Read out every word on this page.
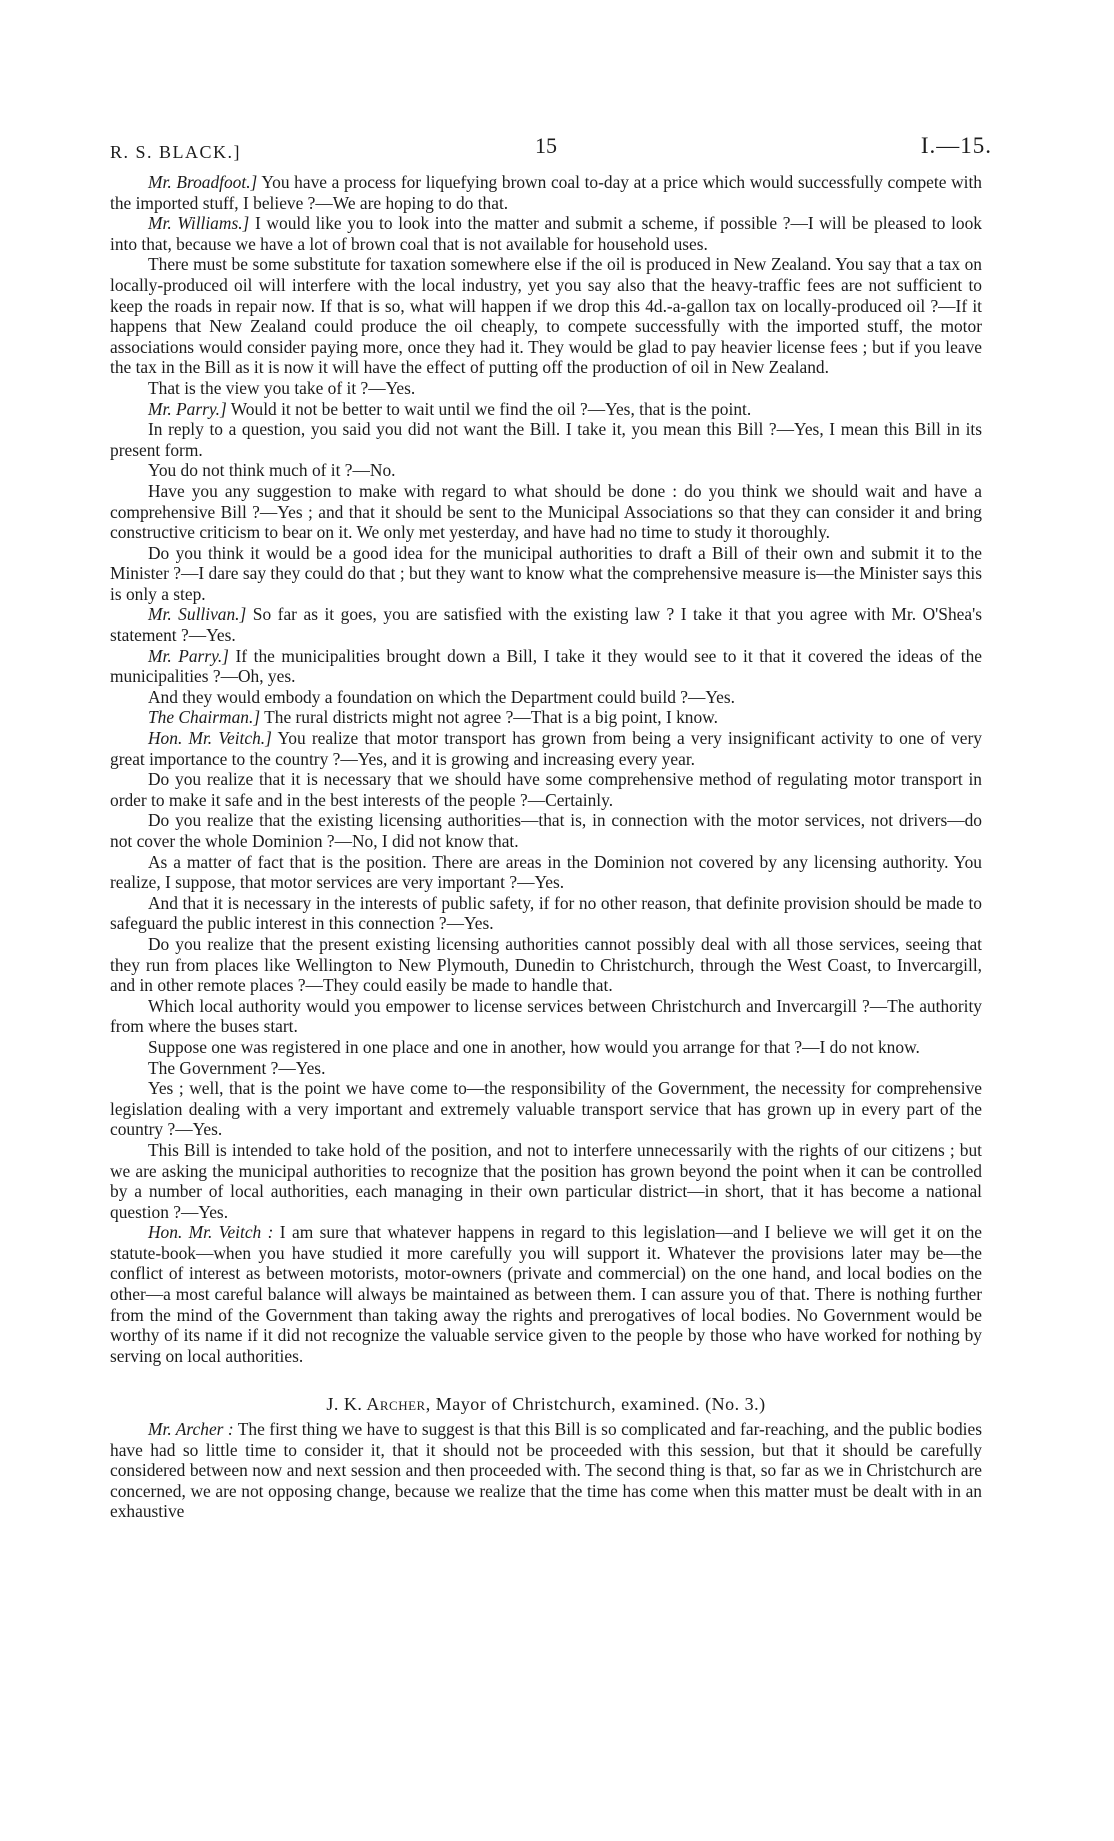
R. S. BLACK.]	15	I.—15.

Mr. Broadfoot.] You have a process for liquefying brown coal to-day at a price which would successfully compete with the imported stuff, I believe ?—We are hoping to do that.

Mr. Williams.] I would like you to look into the matter and submit a scheme, if possible ?—I will be pleased to look into that, because we have a lot of brown coal that is not available for household uses.

There must be some substitute for taxation somewhere else if the oil is produced in New Zealand. You say that a tax on locally-produced oil will interfere with the local industry, yet you say also that the heavy-traffic fees are not sufficient to keep the roads in repair now. If that is so, what will happen if we drop this 4d.-a-gallon tax on locally-produced oil ?—If it happens that New Zealand could produce the oil cheaply, to compete successfully with the imported stuff, the motor associations would consider paying more, once they had it. They would be glad to pay heavier license fees ; but if you leave the tax in the Bill as it is now it will have the effect of putting off the production of oil in New Zealand.

That is the view you take of it ?—Yes.

Mr. Parry.] Would it not be better to wait until we find the oil ?—Yes, that is the point.

In reply to a question, you said you did not want the Bill. I take it, you mean this Bill ?—Yes, I mean this Bill in its present form.

You do not think much of it ?—No.

Have you any suggestion to make with regard to what should be done : do you think we should wait and have a comprehensive Bill ?—Yes ; and that it should be sent to the Municipal Associations so that they can consider it and bring constructive criticism to bear on it. We only met yesterday, and have had no time to study it thoroughly.

Do you think it would be a good idea for the municipal authorities to draft a Bill of their own and submit it to the Minister ?—I dare say they could do that ; but they want to know what the comprehensive measure is—the Minister says this is only a step.

Mr. Sullivan.] So far as it goes, you are satisfied with the existing law ? I take it that you agree with Mr. O'Shea's statement ?—Yes.

Mr. Parry.] If the municipalities brought down a Bill, I take it they would see to it that it covered the ideas of the municipalities ?—Oh, yes.

And they would embody a foundation on which the Department could build ?—Yes.

The Chairman.] The rural districts might not agree ?—That is a big point, I know.

Hon. Mr. Veitch.] You realize that motor transport has grown from being a very insignificant activity to one of very great importance to the country ?—Yes, and it is growing and increasing every year.

Do you realize that it is necessary that we should have some comprehensive method of regulating motor transport in order to make it safe and in the best interests of the people ?—Certainly.

Do you realize that the existing licensing authorities—that is, in connection with the motor services, not drivers—do not cover the whole Dominion ?—No, I did not know that.

As a matter of fact that is the position. There are areas in the Dominion not covered by any licensing authority. You realize, I suppose, that motor services are very important ?—Yes.

And that it is necessary in the interests of public safety, if for no other reason, that definite provision should be made to safeguard the public interest in this connection ?—Yes.

Do you realize that the present existing licensing authorities cannot possibly deal with all those services, seeing that they run from places like Wellington to New Plymouth, Dunedin to Christchurch, through the West Coast, to Invercargill, and in other remote places ?—They could easily be made to handle that.

Which local authority would you empower to license services between Christchurch and Invercargill ?—The authority from where the buses start.

Suppose one was registered in one place and one in another, how would you arrange for that ?—I do not know.

The Government ?—Yes.

Yes ; well, that is the point we have come to—the responsibility of the Government, the necessity for comprehensive legislation dealing with a very important and extremely valuable transport service that has grown up in every part of the country ?—Yes.

This Bill is intended to take hold of the position, and not to interfere unnecessarily with the rights of our citizens ; but we are asking the municipal authorities to recognize that the position has grown beyond the point when it can be controlled by a number of local authorities, each managing in their own particular district—in short, that it has become a national question ?—Yes.

Hon. Mr. Veitch : I am sure that whatever happens in regard to this legislation—and I believe we will get it on the statute-book—when you have studied it more carefully you will support it. Whatever the provisions later may be—the conflict of interest as between motorists, motor-owners (private and commercial) on the one hand, and local bodies on the other—a most careful balance will always be maintained as between them. I can assure you of that. There is nothing further from the mind of the Government than taking away the rights and prerogatives of local bodies. No Government would be worthy of its name if it did not recognize the valuable service given to the people by those who have worked for nothing by serving on local authorities.

J. K. Archer, Mayor of Christchurch, examined. (No. 3.)

Mr. Archer : The first thing we have to suggest is that this Bill is so complicated and far-reaching, and the public bodies have had so little time to consider it, that it should not be proceeded with this session, but that it should be carefully considered between now and next session and then proceeded with. The second thing is that, so far as we in Christchurch are concerned, we are not opposing change, because we realize that the time has come when this matter must be dealt with in an exhaustive
